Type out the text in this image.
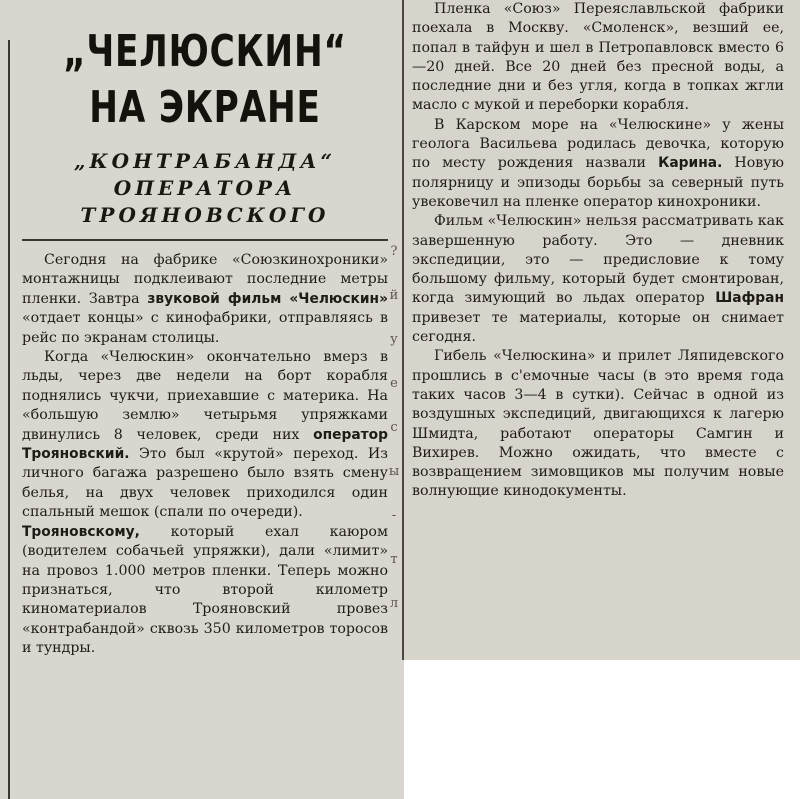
?
й
у
е
с
ы
-
т
л
„ЧЕЛЮСКИН“
НА ЭКРАНЕ
„КОНТРАБАНДА“
ОПЕРАТОРА
ТРОЯНОВСКОГО

Сегодня на фабрике «Союзкинохроники» монтажницы подклеивают последние метры пленки. Завтра звуковой фильм «Челюскин» «отдает концы» с кинофабрики, отправляясь в рейс по экранам столицы.

Когда «Челюскин» окончательно вмерз в льды, через две недели на борт корабля поднялись чукчи, приехавшие с материка. На «большую землю» четырьмя упряжками двинулись 8 человек, среди них оператор Трояновский. Это был «крутой» переход. Из личного багажа разрешено было взять смену белья, на двух человек приходился один спальный мешок (спали по очереди).

Трояновскому, который ехал каюром (водителем собачьей упряжки), дали «лимит» на провоз 1.000 метров пленки. Теперь можно признаться, что второй километр киноматериалов Трояновский провез «контрабандой» сквозь 350 километров торосов и тундры.

Пленка «Союз» Переяславльской фабрики поехала в Москву. «Смоленск», везший ее, попал в тайфун и шел в Петропавловск вместо 6—20 дней. Все 20 дней без пресной воды, а последние дни и без угля, когда в топках жгли масло с мукой и переборки корабля.

В Карском море на «Челюскине» у жены геолога Васильева родилась девочка, которую по месту рождения назвали Карина. Новую полярницу и эпизоды борьбы за северный путь увековечил на пленке оператор кинохроники.

Фильм «Челюскин» нельзя рассматривать как завершенную работу. Это — дневник экспедиции, это — предисловие к тому большому фильму, который будет смонтирован, когда зимующий во льдах оператор Шафран привезет те материалы, которые он снимает сегодня.

Гибель «Челюскина» и прилет Ляпидевского прошлись в с'емочные часы (в это время года таких часов 3—4 в сутки). Сейчас в одной из воздушных экспедиций, двигающихся к лагерю Шмидта, работают операторы Самгин и Вихирев. Можно ожидать, что вместе с возвращением зимовщиков мы получим новые волнующие кинодокументы.
